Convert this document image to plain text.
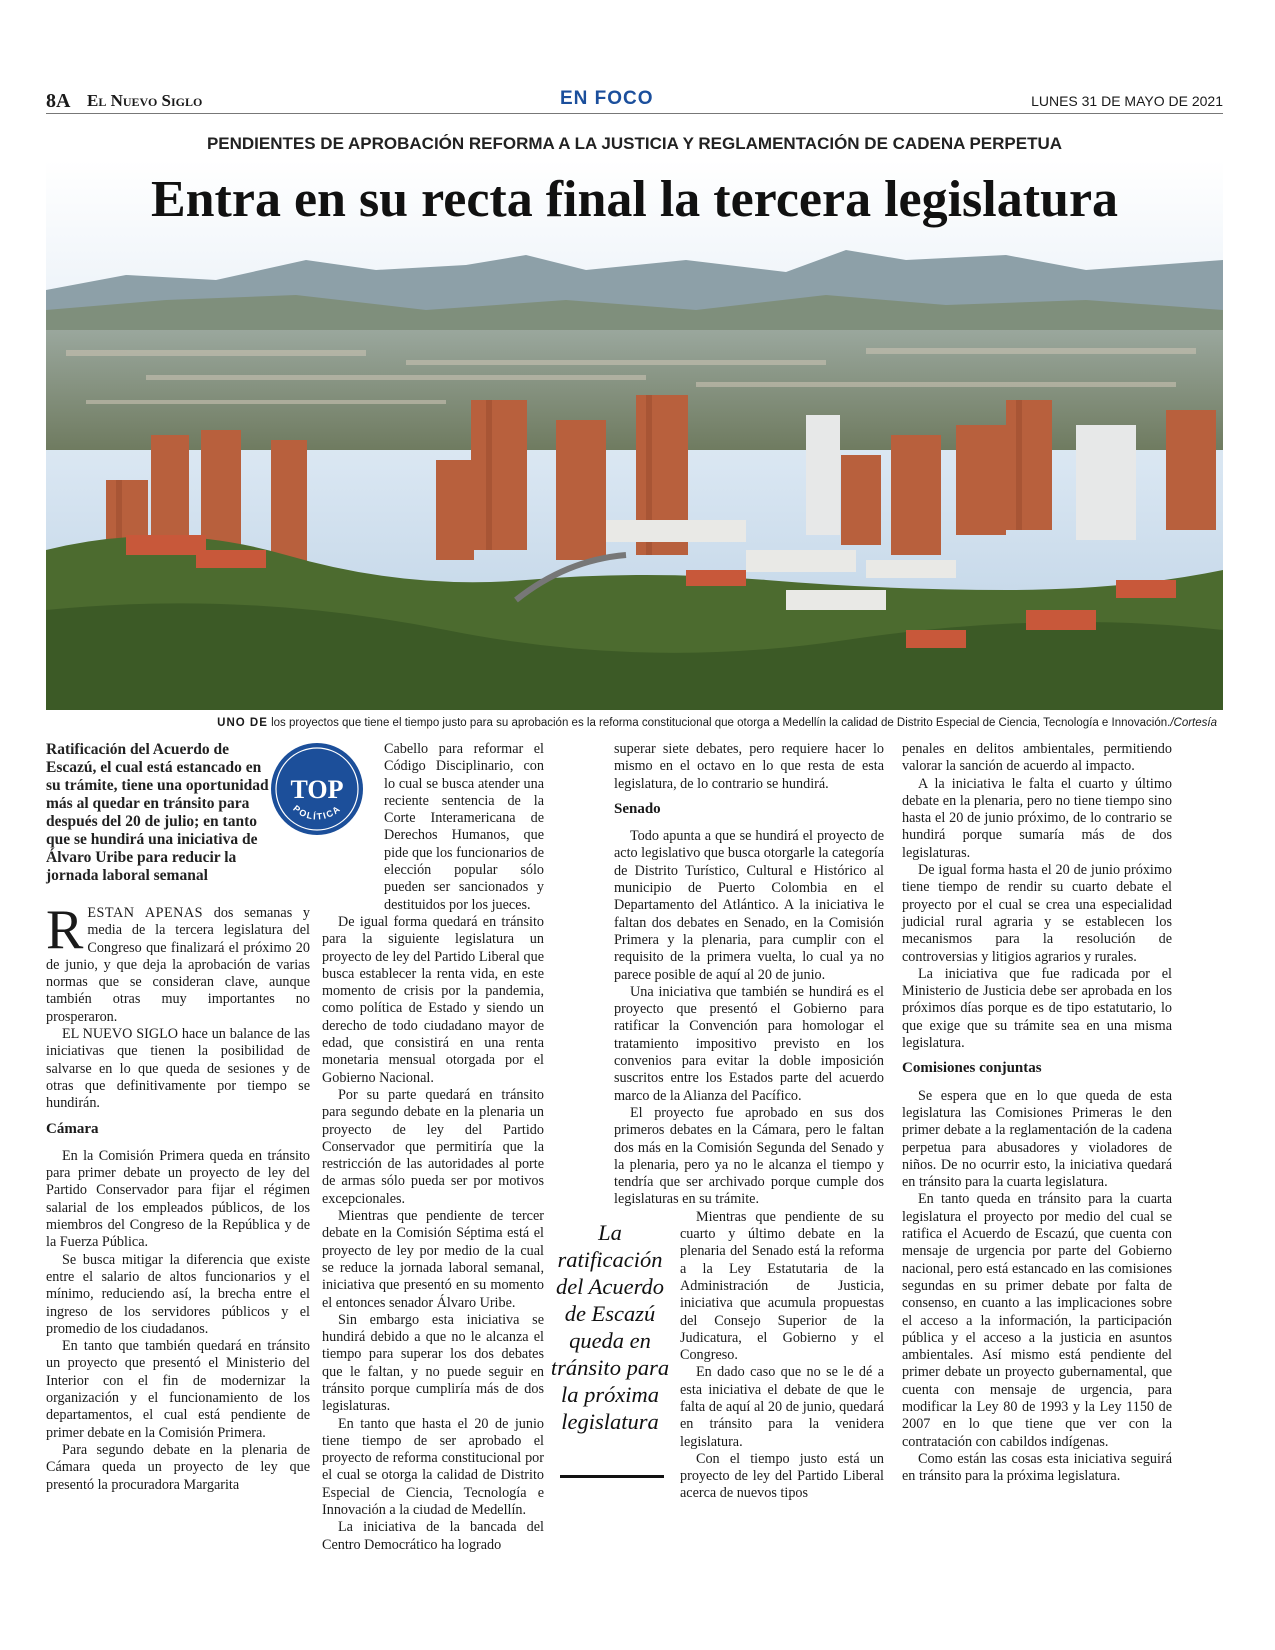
8A El Nuevo Siglo	EN FOCO	LUNES 31 DE MAYO DE 2021
PENDIENTES DE APROBACIÓN REFORMA A LA JUSTICIA Y REGLAMENTACIÓN DE CADENA PERPETUA
Entra en su recta final la tercera legislatura
UNO DE los proyectos que tiene el tiempo justo para su aprobación es la reforma constitucional que otorga a Medellín la calidad de Distrito Especial de Ciencia, Tecnología e Innovación./Cortesía
Ratificación del Acuerdo de Escazú, el cual está estancado en su trámite, tiene una oportunidad más al quedar en tránsito para después del 20 de julio; en tanto que se hundirá una iniciativa de Álvaro Uribe para reducir la jornada laboral semanal
TOP
POLÍTICA

RESTAN APENAS dos semanas y media de la tercera legislatura del Congreso que finalizará el próximo 20 de junio, y que deja la aprobación de varias normas que se consideran clave, aunque también otras muy importantes no prosperaron.

EL NUEVO SIGLO hace un balance de las iniciativas que tienen la posibilidad de salvarse en lo que queda de sesiones y de otras que definitivamente por tiempo se hundirán.

Cámara

En la Comisión Primera queda en tránsito para primer debate un proyecto de ley del Partido Conservador para fijar el régimen salarial de los empleados públicos, de los miembros del Congreso de la República y de la Fuerza Pública.

Se busca mitigar la diferencia que existe entre el salario de altos funcionarios y el mínimo, reduciendo así, la brecha entre el ingreso de los servidores públicos y el promedio de los ciudadanos.

En tanto que también quedará en tránsito un proyecto que presentó el Ministerio del Interior con el fin de modernizar la organización y el funcionamiento de los departamentos, el cual está pendiente de primer debate en la Comisión Primera.

Para segundo debate en la plenaria de Cámara queda un proyecto de ley que presentó la procuradora Margarita

Cabello para reformar el Código Disciplinario, con lo cual se busca atender una reciente sentencia de la Corte Interamericana de Derechos Humanos, que pide que los funcionarios de elección popular sólo pueden ser sancionados y destituidos por los jueces.

De igual forma quedará en tránsito para la siguiente legislatura un proyecto de ley del Partido Liberal que busca establecer la renta vida, en este momento de crisis por la pandemia, como política de Estado y siendo un derecho de todo ciudadano mayor de edad, que consistirá en una renta monetaria mensual otorgada por el Gobierno Nacional.

Por su parte quedará en tránsito para segundo debate en la plenaria un proyecto de ley del Partido Conservador que permitiría que la restricción de las autoridades al porte de armas sólo pueda ser por motivos excepcionales.

Mientras que pendiente de tercer debate en la Comisión Séptima está el proyecto de ley por medio de la cual se reduce la jornada laboral semanal, iniciativa que presentó en su momento el entonces senador Álvaro Uribe.

Sin embargo esta iniciativa se hundirá debido a que no le alcanza el tiempo para superar los dos debates que le faltan, y no puede seguir en tránsito porque cumpliría más de dos legislaturas.

En tanto que hasta el 20 de junio tiene tiempo de ser aprobado el proyecto de reforma constitucional por el cual se otorga la calidad de Distrito Especial de Ciencia, Tecnología e Innovación a la ciudad de Medellín.

La iniciativa de la bancada del Centro Democrático ha logrado

superar siete debates, pero requiere hacer lo mismo en el octavo en lo que resta de esta legislatura, de lo contrario se hundirá.

Senado

Todo apunta a que se hundirá el proyecto de acto legislativo que busca otorgarle la categoría de Distrito Turístico, Cultural e Histórico al municipio de Puerto Colombia en el Departamento del Atlántico. A la iniciativa le faltan dos debates en Senado, en la Comisión Primera y la plenaria, para cumplir con el requisito de la primera vuelta, lo cual ya no parece posible de aquí al 20 de junio.

Una iniciativa que también se hundirá es el proyecto que presentó el Gobierno para ratificar la Convención para homologar el tratamiento impositivo previsto en los convenios para evitar la doble imposición suscritos entre los Estados parte del acuerdo marco de la Alianza del Pacífico.

El proyecto fue aprobado en sus dos primeros debates en la Cámara, pero le faltan dos más en la Comisión Segunda del Senado y la plenaria, pero ya no le alcanza el tiempo y tendría que ser archivado porque cumple dos legislaturas en su trámite.

Mientras que pendiente de su cuarto y último debate en la plenaria del Senado está la reforma a la Ley Estatutaria de la Administración de Justicia, iniciativa que acumula propuestas del Consejo Superior de la Judicatura, el Gobierno y el Congreso.

En dado caso que no se le dé a esta iniciativa el debate de que le falta de aquí al 20 de junio, quedará en tránsito para la venidera legislatura.

Con el tiempo justo está un proyecto de ley del Partido Liberal acerca de nuevos tipos

La ratificación del Acuerdo de Escazú queda en tránsito para la próxima legislatura

penales en delitos ambientales, permitiendo valorar la sanción de acuerdo al impacto.

A la iniciativa le falta el cuarto y último debate en la plenaria, pero no tiene tiempo sino hasta el 20 de junio próximo, de lo contrario se hundirá porque sumaría más de dos legislaturas.

De igual forma hasta el 20 de junio próximo tiene tiempo de rendir su cuarto debate el proyecto por el cual se crea una especialidad judicial rural agraria y se establecen los mecanismos para la resolución de controversias y litigios agrarios y rurales.

La iniciativa que fue radicada por el Ministerio de Justicia debe ser aprobada en los próximos días porque es de tipo estatutario, lo que exige que su trámite sea en una misma legislatura.

Comisiones conjuntas

Se espera que en lo que queda de esta legislatura las Comisiones Primeras le den primer debate a la reglamentación de la cadena perpetua para abusadores y violadores de niños. De no ocurrir esto, la iniciativa quedará en tránsito para la cuarta legislatura.

En tanto queda en tránsito para la cuarta legislatura el proyecto por medio del cual se ratifica el Acuerdo de Escazú, que cuenta con mensaje de urgencia por parte del Gobierno nacional, pero está estancado en las comisiones segundas en su primer debate por falta de consenso, en cuanto a las implicaciones sobre el acceso a la información, la participación pública y el acceso a la justicia en asuntos ambientales. Así mismo está pendiente del primer debate un proyecto gubernamental, que cuenta con mensaje de urgencia, para modificar la Ley 80 de 1993 y la Ley 1150 de 2007 en lo que tiene que ver con la contratación con cabildos indígenas.

Como están las cosas esta iniciativa seguirá en tránsito para la próxima legislatura.
